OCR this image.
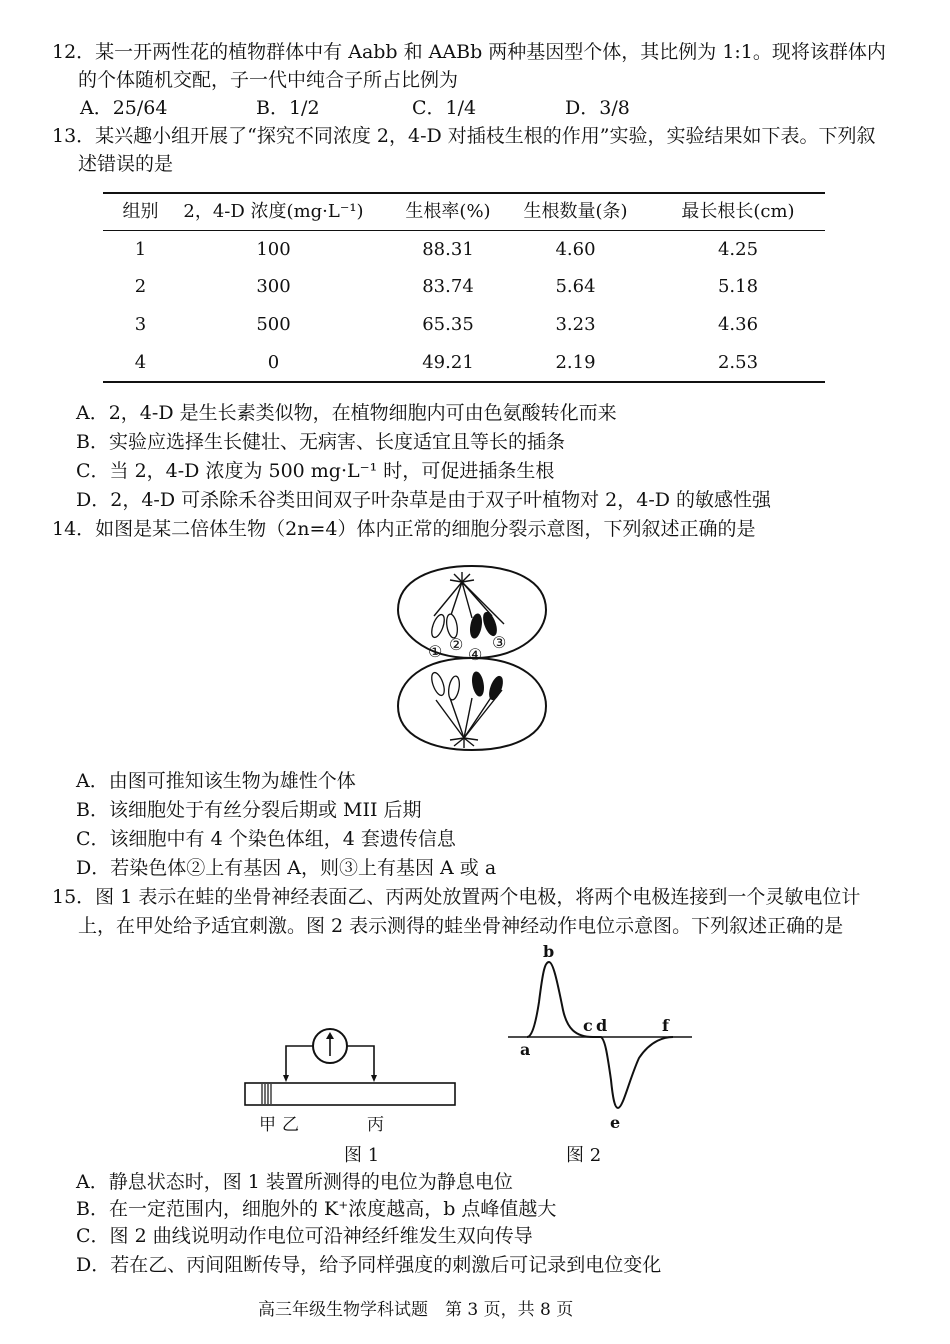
12．某一开两性花的植物群体中有 Aabb 和 AABb 两种基因型个体，其比例为 1:1。现将该群体内
的个体随机交配，子一代中纯合子所占比例为
A．25/64	B．1/2	C．1/4	D．3/8
13．某兴趣小组开展了“探究不同浓度 2，4-D 对插枝生根的作用”实验，实验结果如下表。下列叙
述错误的是
组别	2，4-D 浓度(mg·L⁻¹)	生根率(%)	生根数量(条)	最长根长(cm)
1	100	88.31	4.60	4.25
2	300	83.74	5.64	5.18
3	500	65.35	3.23	4.36
4	0	49.21	2.19	2.53
A．2，4-D 是生长素类似物，在植物细胞内可由色氨酸转化而来
B．实验应选择生长健壮、无病害、长度适宜且等长的插条
C．当 2，4-D 浓度为 500 mg·L⁻¹ 时，可促进插条生根
D．2，4-D 可杀除禾谷类田间双子叶杂草是由于双子叶植物对 2，4-D 的敏感性强
14．如图是某二倍体生物（2n=4）体内正常的细胞分裂示意图，下列叙述正确的是
① ②
④
③
A．由图可推知该生物为雄性个体
B．该细胞处于有丝分裂后期或 MII 后期
C．该细胞中有 4 个染色体组，4 套遗传信息
D．若染色体②上有基因 A，则③上有基因 A 或 a
15．图 1 表示在蛙的坐骨神经表面乙、丙两处放置两个电极，将两个电极连接到一个灵敏电位计
上，在甲处给予适宜刺激。图 2 表示测得的蛙坐骨神经动作电位示意图。下列叙述正确的是
甲 乙	丙
图 1
a
b
c d
e
f
图 2
A．静息状态时，图 1 装置所测得的电位为静息电位
B．在一定范围内，细胞外的 K⁺浓度越高，b 点峰值越大
C．图 2 曲线说明动作电位可沿神经纤维发生双向传导
D．若在乙、丙间阻断传导，给予同样强度的刺激后可记录到电位变化
高三年级生物学科试题　第 3 页，共 8 页
